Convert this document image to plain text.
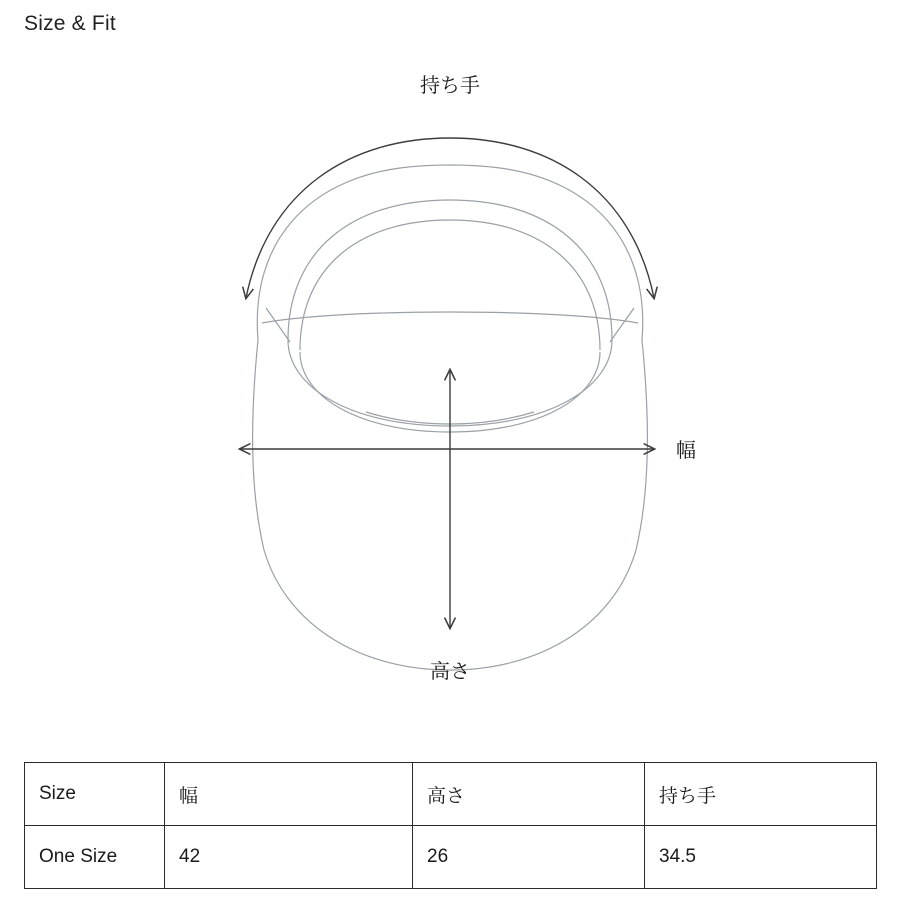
Size & Fit
持ち手
幅
高さ
Size	幅	高さ	持ち手
One Size	42	26	34.5
